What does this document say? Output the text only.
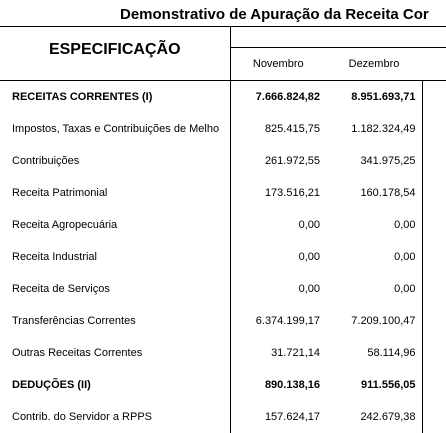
Demonstrativo de Apuração da Receita Cor
ESPECIFICAÇÃO			
	Novembro	Dezembro	
RECEITAS CORRENTES (I)	7.666.824,82	8.951.693,71	
Impostos, Taxas e Contribuições de Melho	825.415,75	1.182.324,49	
Contribuições	261.972,55	341.975,25	
Receita Patrimonial	173.516,21	160.178,54	
Receita Agropecuária	0,00	0,00	
Receita Industrial	0,00	0,00	
Receita de Serviços	0,00	0,00	
Transferências Correntes	6.374.199,17	7.209.100,47	
Outras Receitas Correntes	31.721,14	58.114,96	
DEDUÇÕES (II)	890.138,16	911.556,05	
Contrib. do Servidor a RPPS	157.624,17	242.679,38	
